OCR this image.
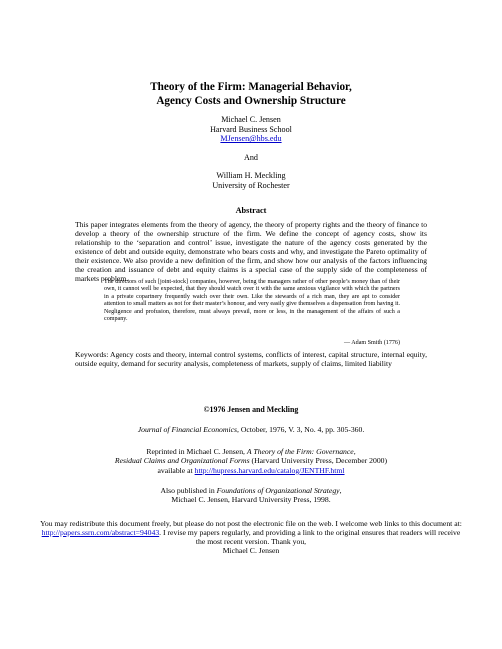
Theory of the Firm: Managerial Behavior,
Agency Costs and Ownership Structure
Michael C. Jensen
Harvard Business School
MJensen@hbs.edu
And
William H. Meckling
University of Rochester
Abstract
This paper integrates elements from the theory of agency, the theory of property rights and the theory of finance to develop a theory of the ownership structure of the firm. We define the concept of agency costs, show its relationship to the ‘separation and control’ issue, investigate the nature of the agency costs generated by the existence of debt and outside equity, demonstrate who bears costs and why, and investigate the Pareto optimality of their existence. We also provide a new definition of the firm, and show how our analysis of the factors influencing the creation and issuance of debt and equity claims is a special case of the supply side of the completeness of markets problem.
The directors of such [joint-stock] companies, however, being the managers rather of other people’s money than of their own, it cannot well be expected, that they should watch over it with the same anxious vigilance with which the partners in a private copartnery frequently watch over their own. Like the stewards of a rich man, they are apt to consider attention to small matters as not for their master’s honour, and very easily give themselves a dispensation from having it. Negligence and profusion, therefore, must always prevail, more or less, in the management of the affairs of such a company.
— Adam Smith (1776)
Keywords: Agency costs and theory, internal control systems, conflicts of interest, capital structure, internal equity, outside equity, demand for security analysis, completeness of markets, supply of claims, limited liability
©1976 Jensen and Meckling
Journal of Financial Economics, October, 1976, V. 3, No. 4, pp. 305-360.
Reprinted in Michael C. Jensen, A Theory of the Firm: Governance,
Residual Claims and Organizational Forms (Harvard University Press, December 2000)
available at http://hupress.harvard.edu/catalog/JENTHF.html
Also published in Foundations of Organizational Strategy,
Michael C. Jensen, Harvard University Press, 1998.
You may redistribute this document freely, but please do not post the electronic file on the web. I welcome web links to this document at: http://papers.ssrn.com/abstract=94043. I revise my papers regularly, and providing a link to the original ensures that readers will receive the most recent version. Thank you,
Michael C. Jensen
